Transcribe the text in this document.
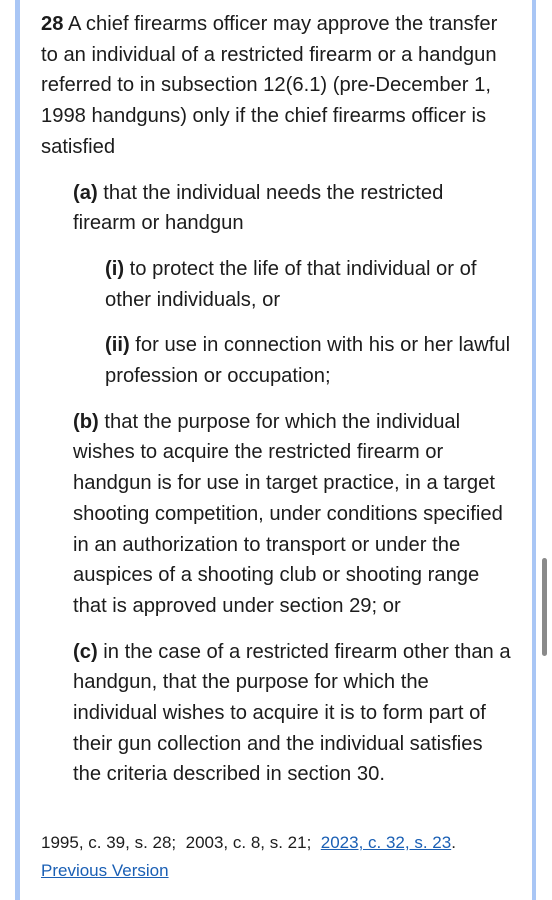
28 A chief firearms officer may approve the transfer to an individual of a restricted firearm or a handgun referred to in subsection 12(6.1) (pre-December 1, 1998 handguns) only if the chief firearms officer is satisfied

(a) that the individual needs the restricted firearm or handgun

(i) to protect the life of that individual or of other individuals, or

(ii) for use in connection with his or her lawful profession or occupation;

(b) that the purpose for which the individual wishes to acquire the restricted firearm or handgun is for use in target practice, in a target shooting competition, under conditions specified in an authorization to transport or under the auspices of a shooting club or shooting range that is approved under section 29; or

(c) in the case of a restricted firearm other than a handgun, that the purpose for which the individual wishes to acquire it is to form part of their gun collection and the individual satisfies the criteria described in section 30.

1995, c. 39, s. 28; 2003, c. 8, s. 21; 2023, c. 32, s. 23.
Previous Version
